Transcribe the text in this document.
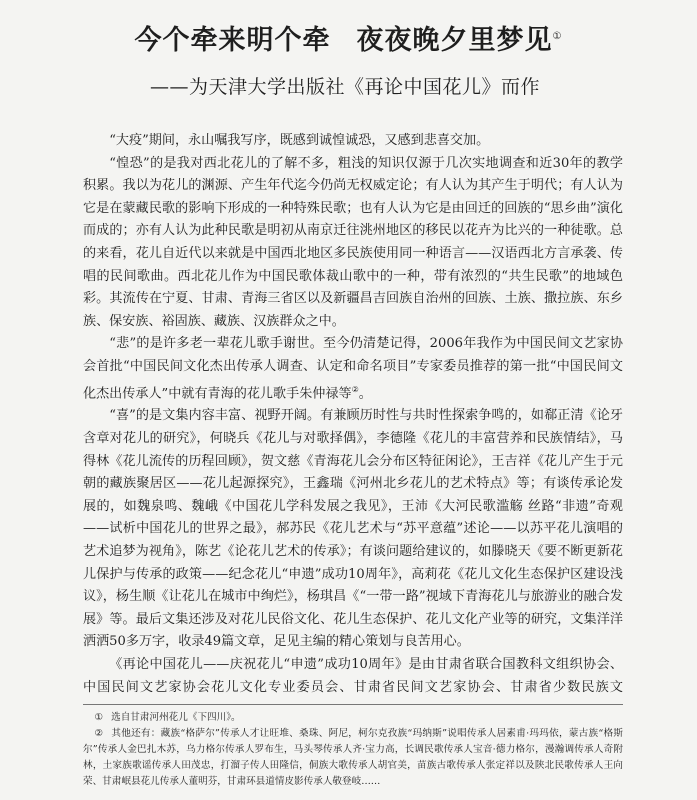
今个牵来明个牵 夜夜晚夕里梦见①
——为天津大学出版社《再论中国花儿》而作

“大疫”期间，永山嘱我写序，既感到诚惶诚恐，又感到悲喜交加。

“惶恐”的是我对西北花儿的了解不多，粗浅的知识仅源于几次实地调查和近30年的教学积累。我以为花儿的渊源、产生年代迄今仍尚无权威定论；有人认为其产生于明代；有人认为它是在蒙藏民歌的影响下形成的一种特殊民歌；也有人认为它是由回迁的回族的“思乡曲”演化而成的；亦有人认为此种民歌是明初从南京迁往洮州地区的移民以花卉为比兴的一种徒歌。总的来看，花儿自近代以来就是中国西北地区多民族使用同一种语言——汉语西北方言承袭、传唱的民间歌曲。西北花儿作为中国民歌体裁山歌中的一种，带有浓烈的“共生民歌”的地域色彩。其流传在宁夏、甘肃、青海三省区以及新疆昌吉回族自治州的回族、土族、撒拉族、东乡族、保安族、裕固族、藏族、汉族群众之中。

“悲”的是许多老一辈花儿歌手谢世。至今仍清楚记得，2006年我作为中国民间文艺家协会首批“中国民间文化杰出传承人调查、认定和命名项目”专家委员推荐的第一批“中国民间文化杰出传承人”中就有青海的花儿歌手朱仲禄等②。

“喜”的是文集内容丰富、视野开阔。有兼顾历时性与共时性探索争鸣的，如郗正清《论牙含章对花儿的研究》，何晓兵《花儿与对歌择偶》，李德隆《花儿的丰富营养和民族情结》，马得林《花儿流传的历程回顾》，贺文慈《青海花儿会分布区特征闲论》，王吉祥《花儿产生于元朝的藏族聚居区——花儿起源探究》，王鑫瑞《河州北乡花儿的艺术特点》等；有谈传承论发展的，如魏泉鸣、魏峨《中国花儿学科发展之我见》，王沛《大河民歌滥觞 丝路“非遗”奇观——试析中国花儿的世界之最》，郝苏民《花儿艺术与“苏平意蕴”述论——以苏平花儿演唱的艺术追梦为视角》，陈艺《论花儿艺术的传承》；有谈问题给建议的，如滕晓天《要不断更新花儿保护与传承的政策——纪念花儿“申遗”成功10周年》，高莉花《花儿文化生态保护区建设浅议》，杨生顺《让花儿在城市中绚烂》，杨琪昌《“一带一路”视域下青海花儿与旅游业的融合发展》等。最后文集还涉及对花儿民俗文化、花儿生态保护、花儿文化产业等的研究，文集洋洋洒洒50多万字，收录49篇文章，足见主编的精心策划与良苦用心。

《再论中国花儿——庆祝花儿“申遗”成功10周年》是由甘肃省联合国教科文组织协会、中国民间文艺家协会花儿文化专业委员会、甘肃省民间文艺家协会、甘肃省少数民族文

① 选自甘肃河州花儿《下四川》。
② 其他还有：藏族“格萨尔”传承人才让旺堆、桑珠、阿尼，柯尔克孜族“玛纳斯”说唱传承人居素甫·玛玛依，蒙古族“格斯尔”传承人金巴扎木苏，乌力格尔传承人罗布生，马头琴传承人齐·宝力高，长调民歌传承人宝音·德力格尔，漫瀚调传承人奇附林，土家族歌谣传承人田茂忠，打溜子传人田隆信，侗族大歌传承人胡官美，苗族古歌传承人张定祥以及陕北民歌传承人王向荣、甘肃岷县花儿传承人董明芬，甘肃环县道情皮影传承人敬登岐……
